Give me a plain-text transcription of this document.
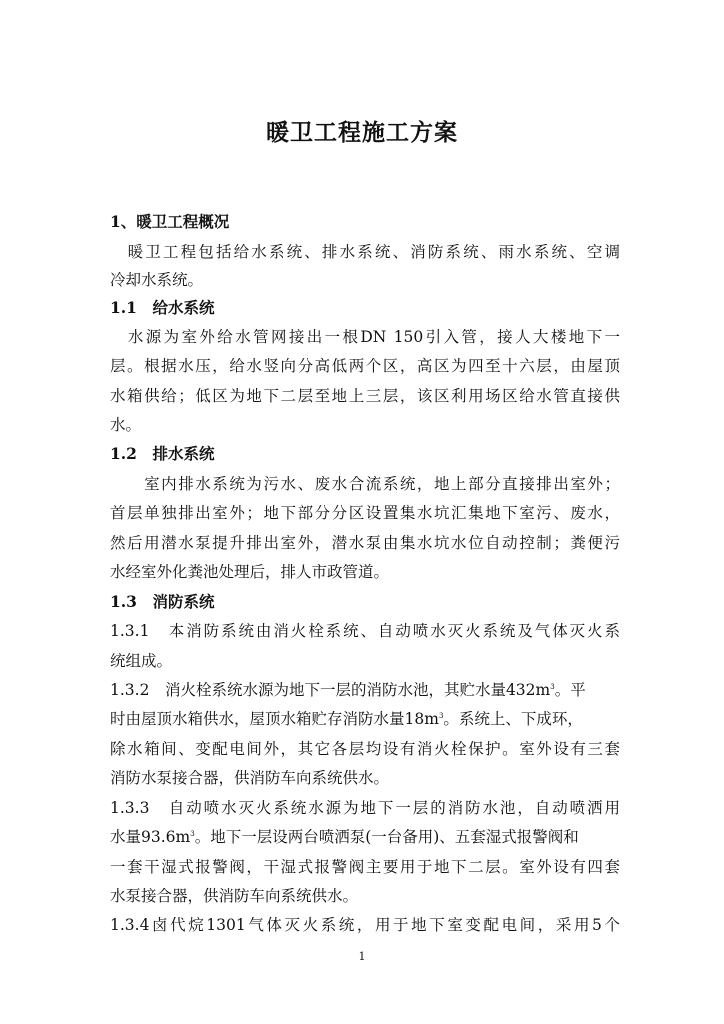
暖卫工程施工方案
1、暖卫工程概况
　暖卫工程包括给水系统、排水系统、消防系统、雨水系统、空调
冷却水系统。
1.1　给水系统
　水源为室外给水管网接出一根DN 150引入管，接人大楼地下一
层。根据水压，给水竖向分高低两个区，高区为四至十六层，由屋顶
水箱供给；低区为地下二层至地上三层，该区利用场区给水管直接供
水。
1.2　排水系统
　　室内排水系统为污水、废水合流系统，地上部分直接排出室外；
首层单独排出室外；地下部分分区设置集水坑汇集地下室污、废水，
然后用潜水泵提升排出室外，潜水泵由集水坑水位自动控制；粪便污
水经室外化粪池处理后，排人市政管道。
1.3　消防系统
1.3.1　本消防系统由消火栓系统、自动喷水灭火系统及气体灭火系
统组成。
1.3.2　消火栓系统水源为地下一层的消防水池，其贮水量$432m^3$。平
时由屋顶水箱供水，屋顶水箱贮存消防水量$18m^3$。系统上、下成环，
除水箱间、变配电间外，其它各层均设有消火栓保护。室外设有三套
消防水泵接合器，供消防车向系统供水。
1.3.3　自动喷水灭火系统水源为地下一层的消防水池，自动喷洒用
水量$93.6m^3$。地下一层设两台喷洒泵(一台备用)、五套湿式报警阀和
一套干湿式报警阀，干湿式报警阀主要用于地下二层。室外设有四套
水泵接合器，供消防车向系统供水。
1.3.4卤代烷1301气体灭火系统，用于地下室变配电间，采用5个
1
